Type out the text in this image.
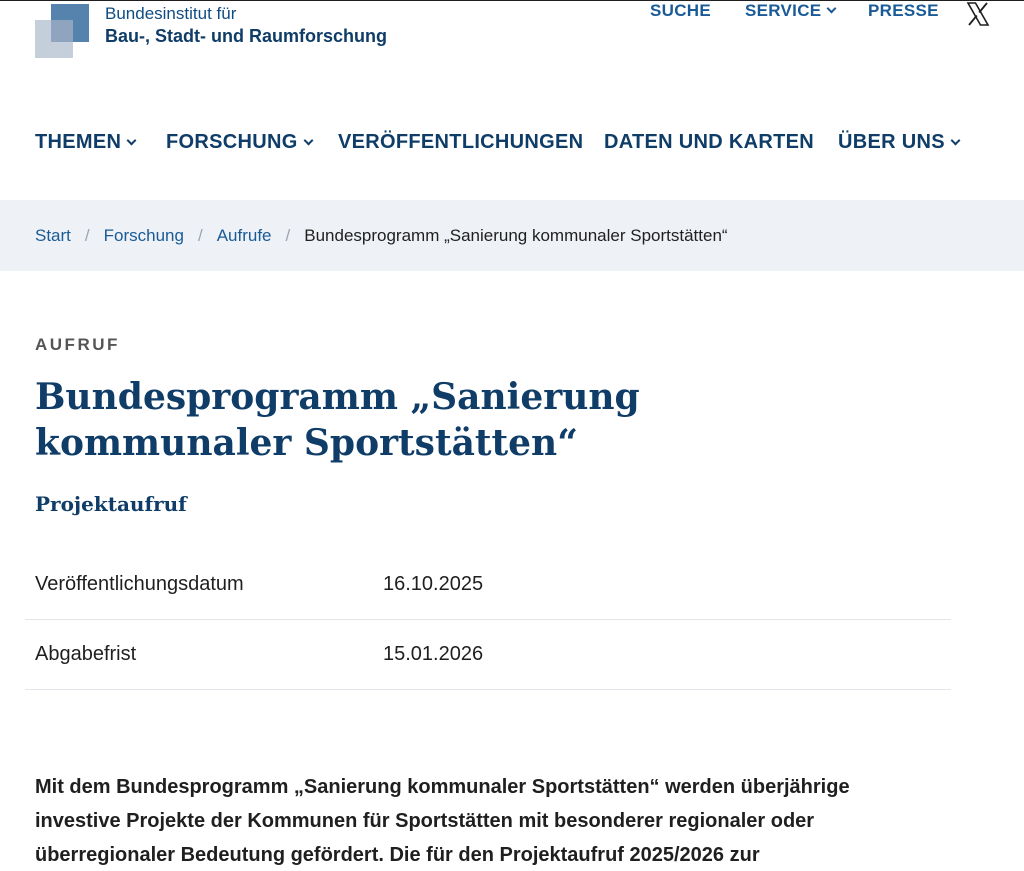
Bundesinstitut für
Bau-, Stadt- und Raumforschung
SUCHE SERVICE	PRESSE
THEMEN FORSCHUNG VERÖFFENTLICHUNGEN DATEN UND KARTEN ÜBER UNS
Start / Forschung / Aufrufe / Bundesprogramm „Sanierung kommunaler Sportstätten“
AUFRUF
Bundesprogramm „Sanierung kommunaler Sportstätten“
Projektaufruf
Veröffentlichungsdatum	16.10.2025
Abgabefrist	15.01.2026

Mit dem Bundesprogramm „Sanierung kommunaler Sportstätten“ werden überjährige investive Projekte der Kommunen für Sportstätten mit besonderer regionaler oder überregionaler Bedeutung gefördert. Die für den Projektaufruf 2025/2026 zur
